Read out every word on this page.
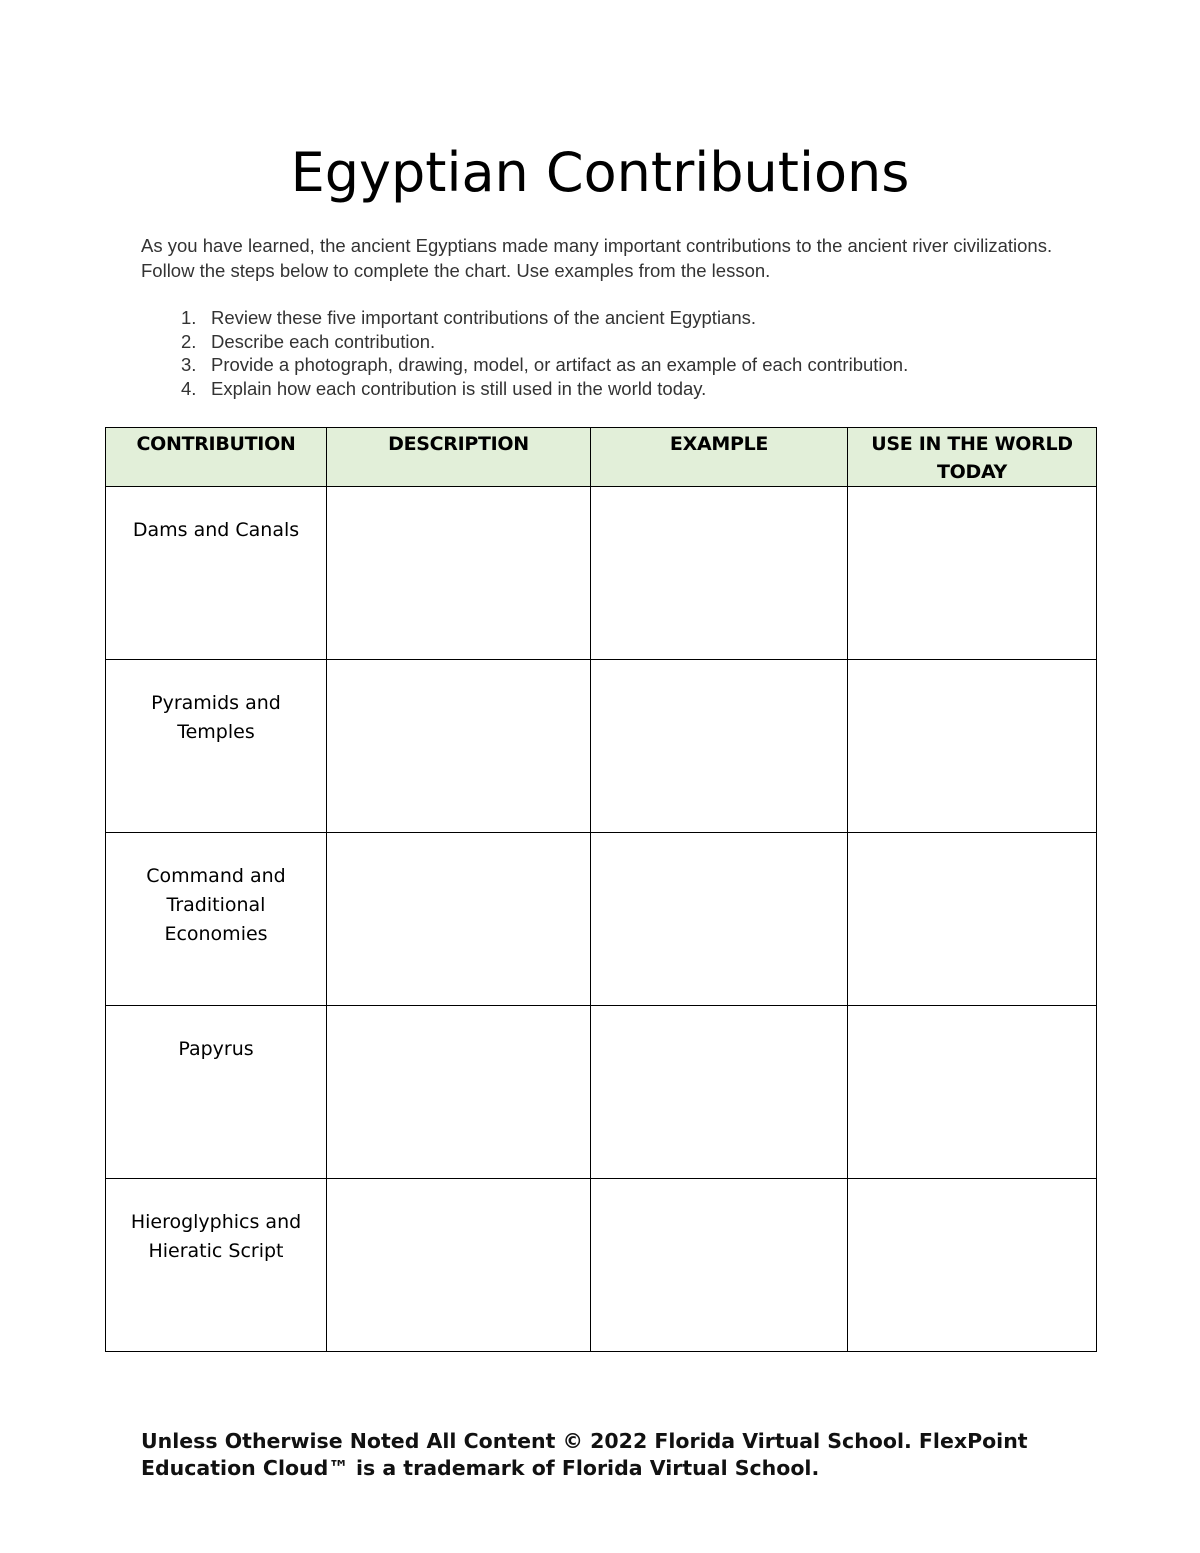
Egyptian Contributions

As you have learned, the ancient Egyptians made many important contributions to the ancient river civilizations. Follow the steps below to complete the chart. Use examples from the lesson.

1. Review these five important contributions of the ancient Egyptians.
2. Describe each contribution.
3. Provide a photograph, drawing, model, or artifact as an example of each contribution.
4. Explain how each contribution is still used in the world today.
CONTRIBUTION	DESCRIPTION	EXAMPLE	USE IN THE WORLD TODAY
Dams and Canals			
Pyramids and Temples			
Command and Traditional Economies			
Papyrus			
Hieroglyphics and Hieratic Script			

Unless Otherwise Noted All Content © 2022 Florida Virtual School. FlexPoint Education Cloud™ is a trademark of Florida Virtual School.
